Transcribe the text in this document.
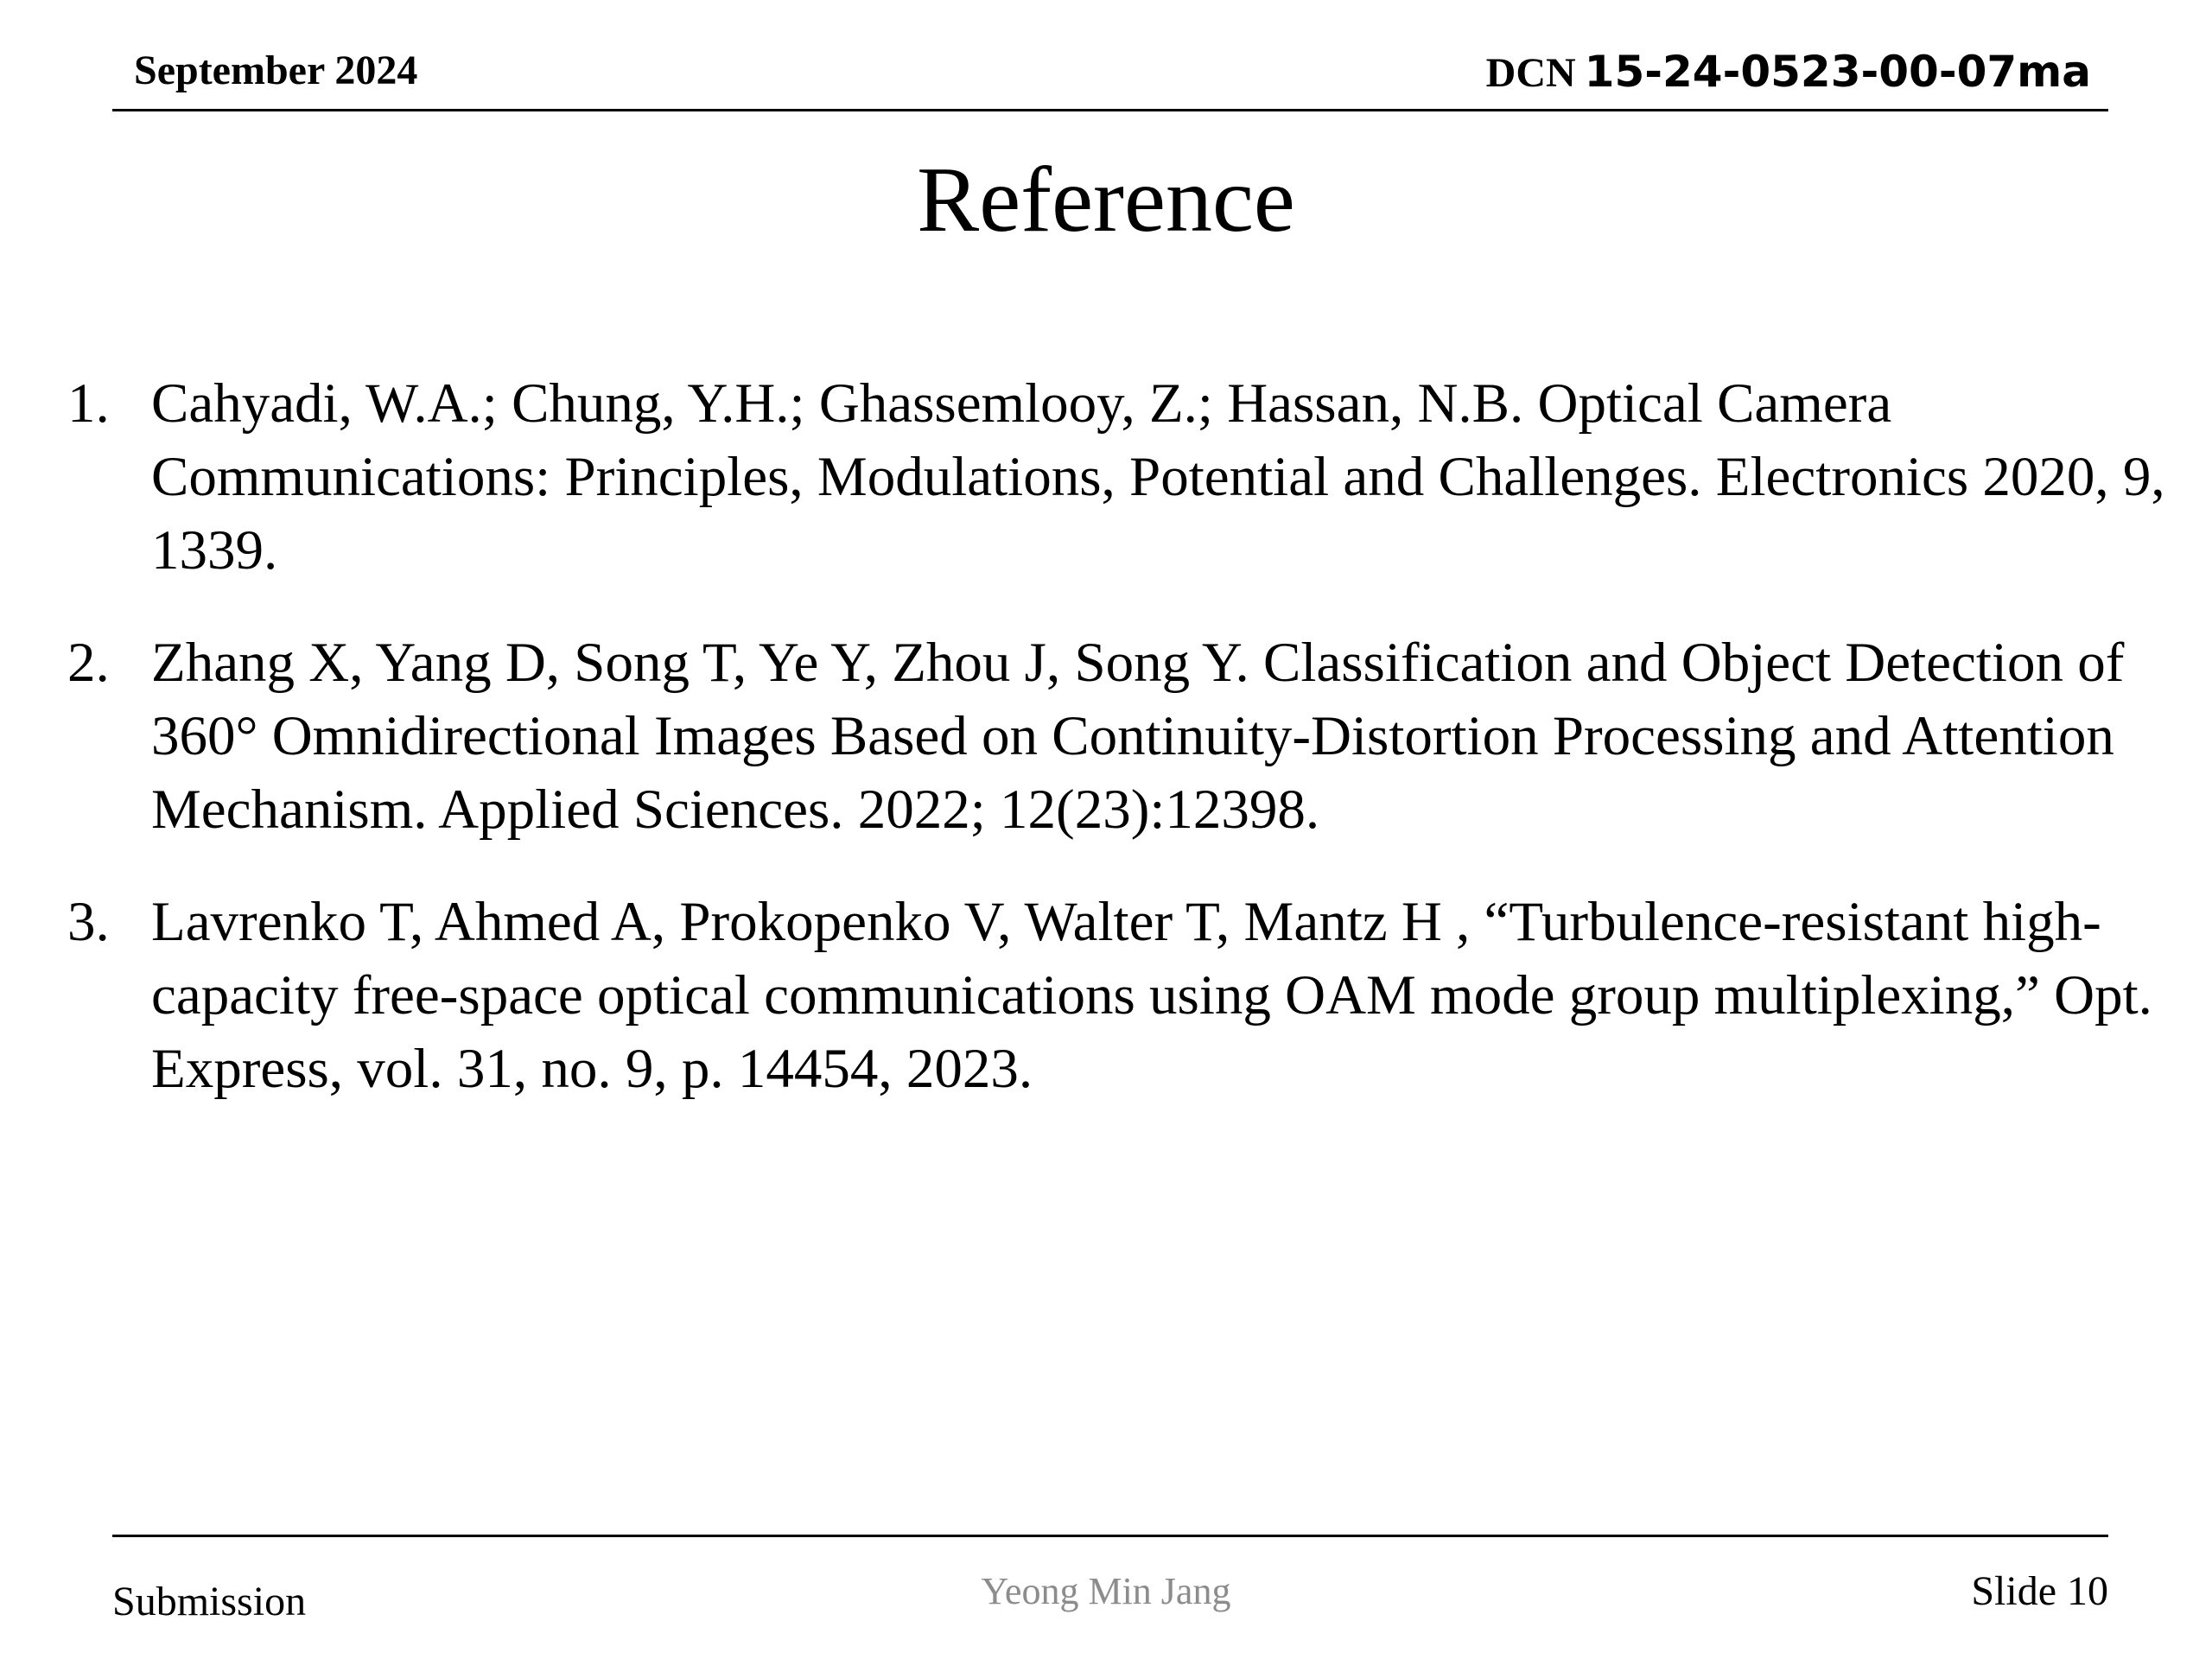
September 2024	DCN 15-24-0523-00-07ma
Reference
1. Cahyadi, W.A.; Chung, Y.H.; Ghassemlooy, Z.; Hassan, N.B. Optical Camera Communications: Principles, Modulations, Potential and Challenges. Electronics 2020, 9, 1339.
2. Zhang X, Yang D, Song T, Ye Y, Zhou J, Song Y. Classification and Object Detection of 360° Omnidirectional Images Based on Continuity-Distortion Processing and Attention Mechanism. Applied Sciences. 2022; 12(23):12398.
3. Lavrenko T, Ahmed A, Prokopenko V, Walter T, Mantz H , “Turbulence-resistant high-capacity free-space optical communications using OAM mode group multiplexing,” Opt. Express, vol. 31, no. 9, p. 14454, 2023.
Submission	Yeong Min Jang	Slide 10
